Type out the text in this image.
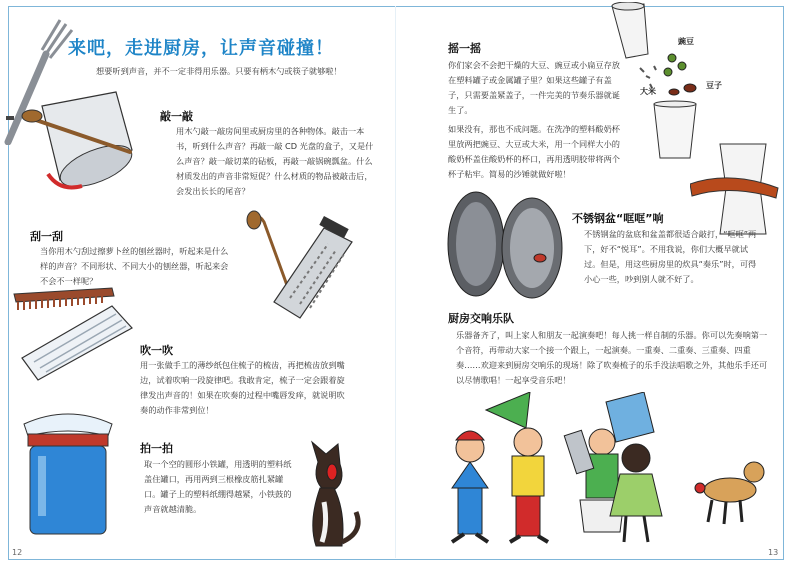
来吧，走进厨房，让声音碰撞！

想要听到声音，并不一定非得用乐器。只要有柄木勺或筷子就够啦！

敲一敲

用木勺敲一敲房间里或厨房里的各种物体。敲击一本书，听到什么声音？再敲一敲 CD 光盘的盒子，又是什么声音？敲一敲切菜的砧板，再敲一敲锅碗瓢盆。什么材质发出的声音非常短促？什么材质的物品被敲击后，会发出长长的尾音？

刮一刮

当你用木勺刮过擦萝卜丝的刨丝器时，听起来是什么样的声音？不同形状、不同大小的刨丝器，听起来会不会不一样呢？

吹一吹

用一张做手工的薄纱纸包住梳子的梳齿，再把梳齿放到嘴边，试着吹响一段旋律吧。我敢肯定，梳子一定会跟着旋律发出声音的！如果在吹奏的过程中嘴唇发痒，就说明吹奏的动作非常到位！

拍一拍

取一个空的圆形小铁罐，用透明的塑料纸盖住罐口，再用两到三根橡皮筋扎紧罐口。罐子上的塑料纸绷得越紧，小铁鼓的声音就越清脆。

12
摇一摇

你们家会不会把干燥的大豆、豌豆或小扁豆存放在塑料罐子或金属罐子里？如果这些罐子有盖子，只需要盖紧盖子，一件完美的节奏乐器就诞生了。

如果没有，那也不成问题。在洗净的塑料酸奶杯里放两把豌豆、大豆或大米，用一个同样大小的酸奶杯盖住酸奶杯的杯口，再用透明胶带将两个杯子粘牢。简易的沙锤就做好啦！

豌豆
大米
豆子
不锈钢盆“哐哐”响

不锈钢盆的盆底和盆盖都很适合敲打，“哐哐”两下，好不“悦耳”。不用我说，你们大概早就试过。但是，用这些厨房里的炊具“奏乐”时，可得小心一些，吵到别人就不好了。

厨房交响乐队

乐器备齐了，叫上家人和朋友一起演奏吧！每人挑一样自制的乐器。你可以先奏响第一个音符，再带动大家一个接一个跟上，一起演奏。一重奏、二重奏、三重奏、四重奏……欢迎来到厨房交响乐的现场！除了吹奏梳子的乐手没法唱歌之外，其他乐手还可以尽情歌唱！一起享受音乐吧！

13
